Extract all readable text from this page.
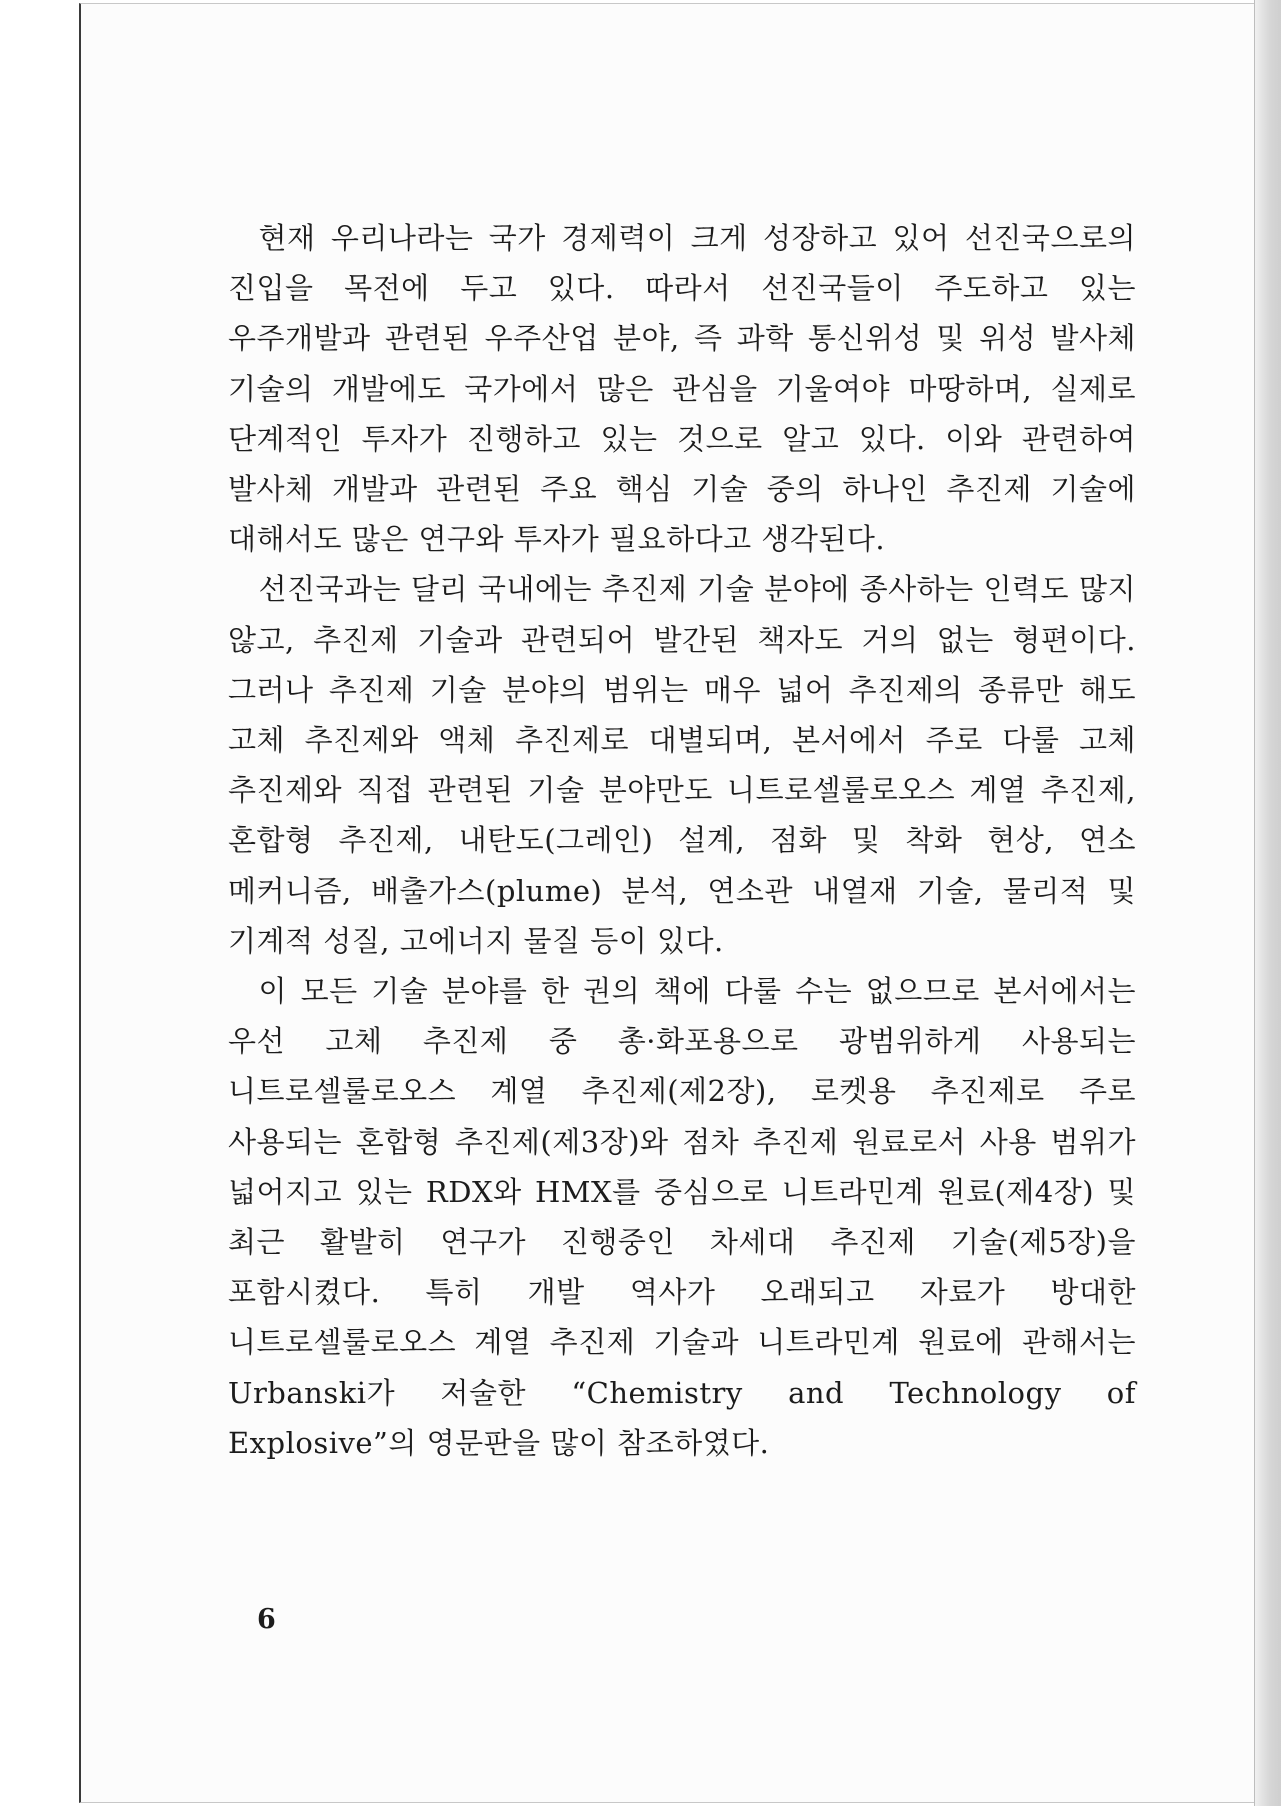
현재 우리나라는 국가 경제력이 크게 성장하고 있어 선진국으로의 진입을 목전에 두고 있다. 따라서 선진국들이 주도하고 있는 우주개발과 관련된 우주산업 분야, 즉 과학 통신위성 및 위성 발사체 기술의 개발에도 국가에서 많은 관심을 기울여야 마땅하며, 실제로 단계적인 투자가 진행하고 있는 것으로 알고 있다. 이와 관련하여 발사체 개발과 관련된 주요 핵심 기술 중의 하나인 추진제 기술에 대해서도 많은 연구와 투자가 필요하다고 생각된다.

선진국과는 달리 국내에는 추진제 기술 분야에 종사하는 인력도 많지 않고, 추진제 기술과 관련되어 발간된 책자도 거의 없는 형편이다. 그러나 추진제 기술 분야의 범위는 매우 넓어 추진제의 종류만 해도 고체 추진제와 액체 추진제로 대별되며, 본서에서 주로 다룰 고체 추진제와 직접 관련된 기술 분야만도 니트로셀룰로오스 계열 추진제, 혼합형 추진제, 내탄도(그레인) 설계, 점화 및 착화 현상, 연소 메커니즘, 배출가스(plume) 분석, 연소관 내열재 기술, 물리적 및 기계적 성질, 고에너지 물질 등이 있다.

이 모든 기술 분야를 한 권의 책에 다룰 수는 없으므로 본서에서는 우선 고체 추진제 중 총·화포용으로 광범위하게 사용되는 니트로셀룰로오스 계열 추진제(제2장), 로켓용 추진제로 주로 사용되는 혼합형 추진제(제3장)와 점차 추진제 원료로서 사용 범위가 넓어지고 있는 RDX와 HMX를 중심으로 니트라민계 원료(제4장) 및 최근 활발히 연구가 진행중인 차세대 추진제 기술(제5장)을 포함시켰다. 특히 개발 역사가 오래되고 자료가 방대한 니트로셀룰로오스 계열 추진제 기술과 니트라민계 원료에 관해서는 Urbanski가 저술한 “Chemistry and Technology of Explosive”의 영문판을 많이 참조하였다.

6
